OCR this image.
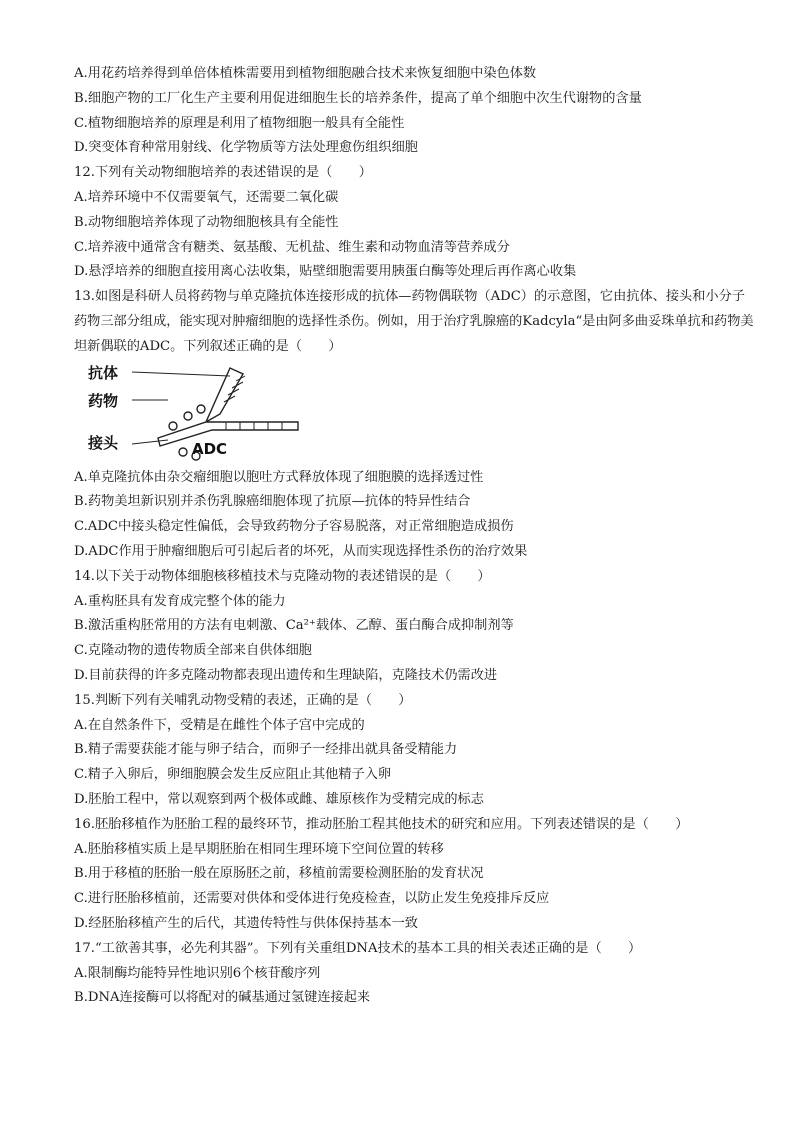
A.用花药培养得到单倍体植株需要用到植物细胞融合技术来恢复细胞中染色体数
B.细胞产物的工厂化生产主要利用促进细胞生长的培养条件，提高了单个细胞中次生代谢物的含量
C.植物细胞培养的原理是利用了植物细胞一般具有全能性
D.突变体育种常用射线、化学物质等方法处理愈伤组织细胞
12.下列有关动物细胞培养的表述错误的是（　　）
A.培养环境中不仅需要氧气，还需要二氧化碳
B.动物细胞培养体现了动物细胞核具有全能性
C.培养液中通常含有糖类、氨基酸、无机盐、维生素和动物血清等营养成分
D.悬浮培养的细胞直接用离心法收集，贴壁细胞需要用胰蛋白酶等处理后再作离心收集
13.如图是科研人员将药物与单克隆抗体连接形成的抗体—药物偶联物（ADC）的示意图，它由抗体、接头和小分子药物三部分组成，能实现对肿瘤细胞的选择性杀伤。例如，用于治疗乳腺癌的Kadcyla“是由阿多曲妥珠单抗和药物美坦新偶联的ADC。下列叙述正确的是（　　）
抗体
药物
接头	ADC
A.单克隆抗体由杂交瘤细胞以胞吐方式释放体现了细胞膜的选择透过性
B.药物美坦新识别并杀伤乳腺癌细胞体现了抗原—抗体的特异性结合
C.ADC中接头稳定性偏低，会导致药物分子容易脱落，对正常细胞造成损伤
D.ADC作用于肿瘤细胞后可引起后者的坏死，从而实现选择性杀伤的治疗效果
14.以下关于动物体细胞核移植技术与克隆动物的表述错误的是（　　）
A.重构胚具有发育成完整个体的能力
B.激活重构胚常用的方法有电刺激、Ca²⁺载体、乙醇、蛋白酶合成抑制剂等
C.克隆动物的遗传物质全部来自供体细胞
D.目前获得的许多克隆动物都表现出遗传和生理缺陷，克隆技术仍需改进
15.判断下列有关哺乳动物受精的表述，正确的是（　　）
A.在自然条件下，受精是在雌性个体子宫中完成的
B.精子需要获能才能与卵子结合，而卵子一经排出就具备受精能力
C.精子入卵后，卵细胞膜会发生反应阻止其他精子入卵
D.胚胎工程中，常以观察到两个极体或雌、雄原核作为受精完成的标志
16.胚胎移植作为胚胎工程的最终环节，推动胚胎工程其他技术的研究和应用。下列表述错误的是（　　）
A.胚胎移植实质上是早期胚胎在相同生理环境下空间位置的转移
B.用于移植的胚胎一般在原肠胚之前，移植前需要检测胚胎的发育状况
C.进行胚胎移植前，还需要对供体和受体进行免疫检查，以防止发生免疫排斥反应
D.经胚胎移植产生的后代，其遗传特性与供体保持基本一致
17.“工欲善其事，必先利其器”。下列有关重组DNA技术的基本工具的相关表述正确的是（　　）
A.限制酶均能特异性地识别6个核苷酸序列
B.DNA连接酶可以将配对的碱基通过氢键连接起来
